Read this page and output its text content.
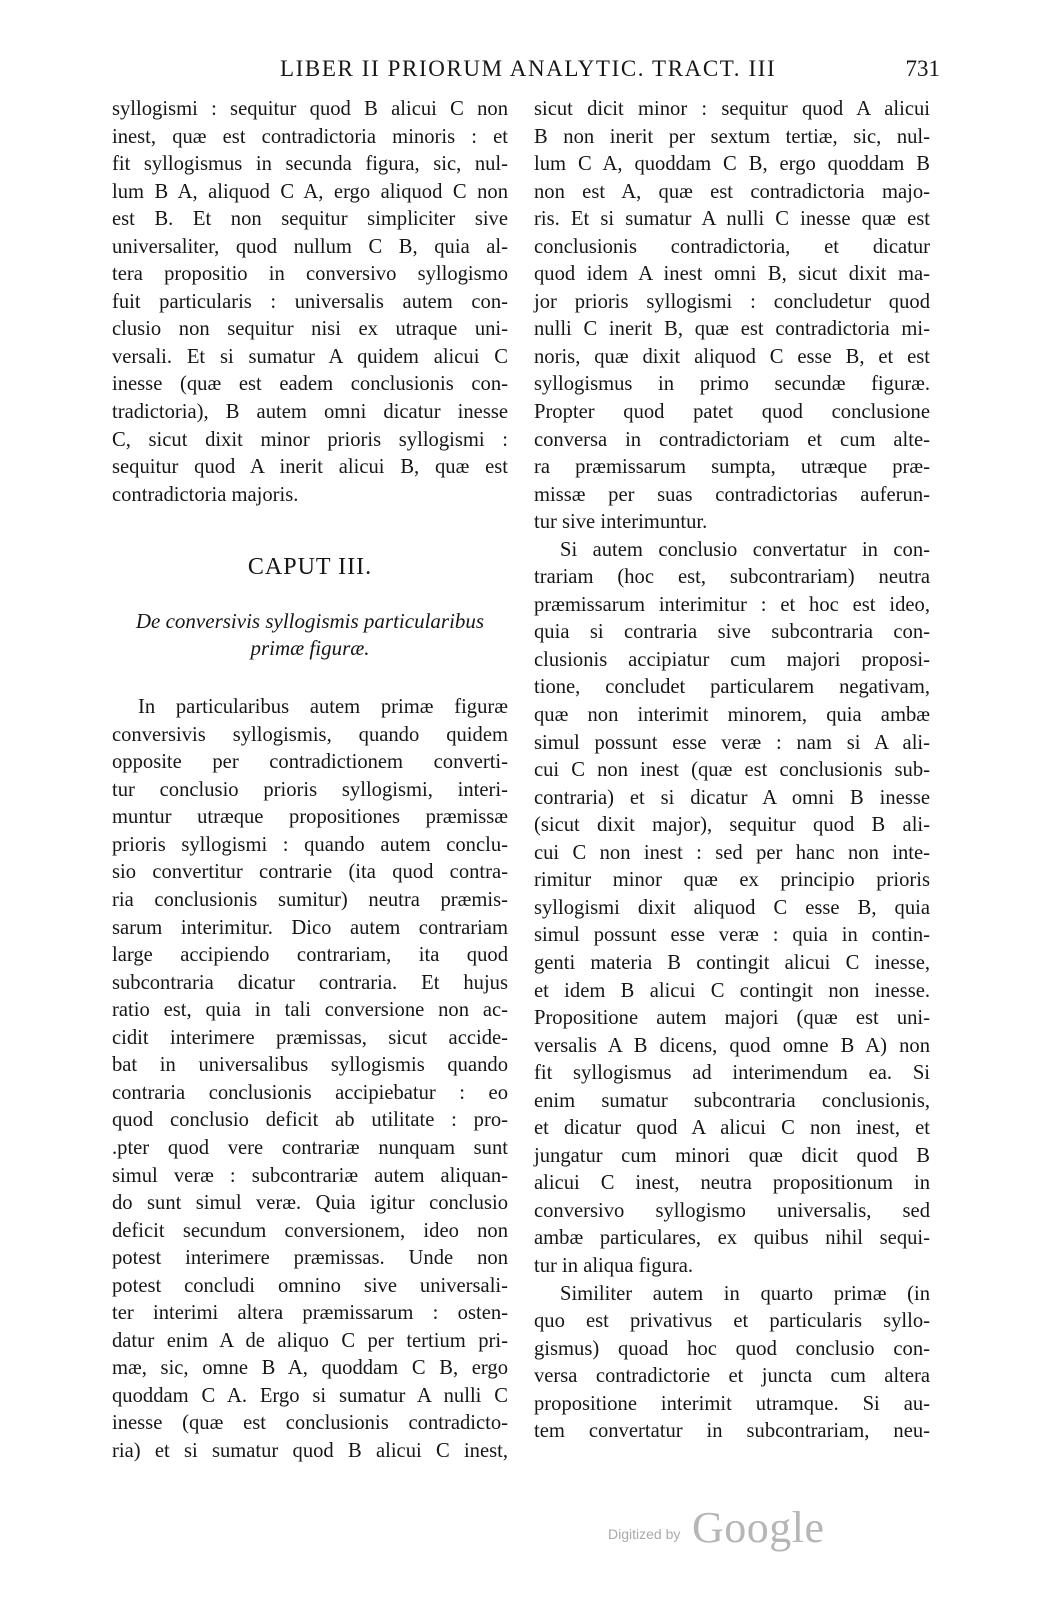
LIBER II PRIORUM ANALYTIC. TRACT. III	731
syllogismi : sequitur quod B alicui C non
inest, quæ est contradictoria minoris : et
fit syllogismus in secunda figura, sic, nul-
lum B A, aliquod C A, ergo aliquod C non
est B. Et non sequitur simpliciter sive
universaliter, quod nullum C B, quia al-
tera propositio in conversivo syllogismo
fuit particularis : universalis autem con-
clusio non sequitur nisi ex utraque uni-
versali. Et si sumatur A quidem alicui C
inesse (quæ est eadem conclusionis con-
tradictoria), B autem omni dicatur inesse
C, sicut dixit minor prioris syllogismi :
sequitur quod A inerit alicui B, quæ est
contradictoria majoris.
CAPUT III.
De conversivis syllogismis particularibus
primæ figuræ.
In particularibus autem primæ figuræ
conversivis syllogismis, quando quidem
opposite per contradictionem converti-
tur conclusio prioris syllogismi, interi-
muntur utræque propositiones præmissæ
prioris syllogismi : quando autem conclu-
sio convertitur contrarie (ita quod contra-
ria conclusionis sumitur) neutra præmis-
sarum interimitur. Dico autem contrariam
large accipiendo contrariam, ita quod
subcontraria dicatur contraria. Et hujus
ratio est, quia in tali conversione non ac-
cidit interimere præmissas, sicut accide-
bat in universalibus syllogismis quando
contraria conclusionis accipiebatur : eo
quod conclusio deficit ab utilitate : pro-
.pter quod vere contrariæ nunquam sunt
simul veræ : subcontrariæ autem aliquan-
do sunt simul veræ. Quia igitur conclusio
deficit secundum conversionem, ideo non
potest interimere præmissas. Unde non
potest concludi omnino sive universali-
ter interimi altera præmissarum : osten-
datur enim A de aliquo C per tertium pri-
mæ, sic, omne B A, quoddam C B, ergo
quoddam C A. Ergo si sumatur A nulli C
inesse (quæ est conclusionis contradicto-
ria) et si sumatur quod B alicui C inest,
sicut dicit minor : sequitur quod A alicui
B non inerit per sextum tertiæ, sic, nul-
lum C A, quoddam C B, ergo quoddam B
non est A, quæ est contradictoria majo-
ris. Et si sumatur A nulli C inesse quæ est
conclusionis contradictoria, et dicatur
quod idem A inest omni B, sicut dixit ma-
jor prioris syllogismi : concludetur quod
nulli C inerit B, quæ est contradictoria mi-
noris, quæ dixit aliquod C esse B, et est
syllogismus in primo secundæ figuræ.
Propter quod patet quod conclusione
conversa in contradictoriam et cum alte-
ra præmissarum sumpta, utræque præ-
missæ per suas contradictorias auferun-
tur sive interimuntur.
Si autem conclusio convertatur in con-
trariam (hoc est, subcontrariam) neutra
præmissarum interimitur : et hoc est ideo,
quia si contraria sive subcontraria con-
clusionis accipiatur cum majori proposi-
tione, concludet particularem negativam,
quæ non interimit minorem, quia ambæ
simul possunt esse veræ : nam si A ali-
cui C non inest (quæ est conclusionis sub-
contraria) et si dicatur A omni B inesse
(sicut dixit major), sequitur quod B ali-
cui C non inest : sed per hanc non inte-
rimitur minor quæ ex principio prioris
syllogismi dixit aliquod C esse B, quia
simul possunt esse veræ : quia in contin-
genti materia B contingit alicui C inesse,
et idem B alicui C contingit non inesse.
Propositione autem majori (quæ est uni-
versalis A B dicens, quod omne B A) non
fit syllogismus ad interimendum ea. Si
enim sumatur subcontraria conclusionis,
et dicatur quod A alicui C non inest, et
jungatur cum minori quæ dicit quod B
alicui C inest, neutra propositionum in
conversivo syllogismo universalis, sed
ambæ particulares, ex quibus nihil sequi-
tur in aliqua figura.
Similiter autem in quarto primæ (in
quo est privativus et particularis syllo-
gismus) quoad hoc quod conclusio con-
versa contradictorie et juncta cum altera
propositione interimit utramque. Si au-
tem convertatur in subcontrariam, neu-
Digitized by Google
